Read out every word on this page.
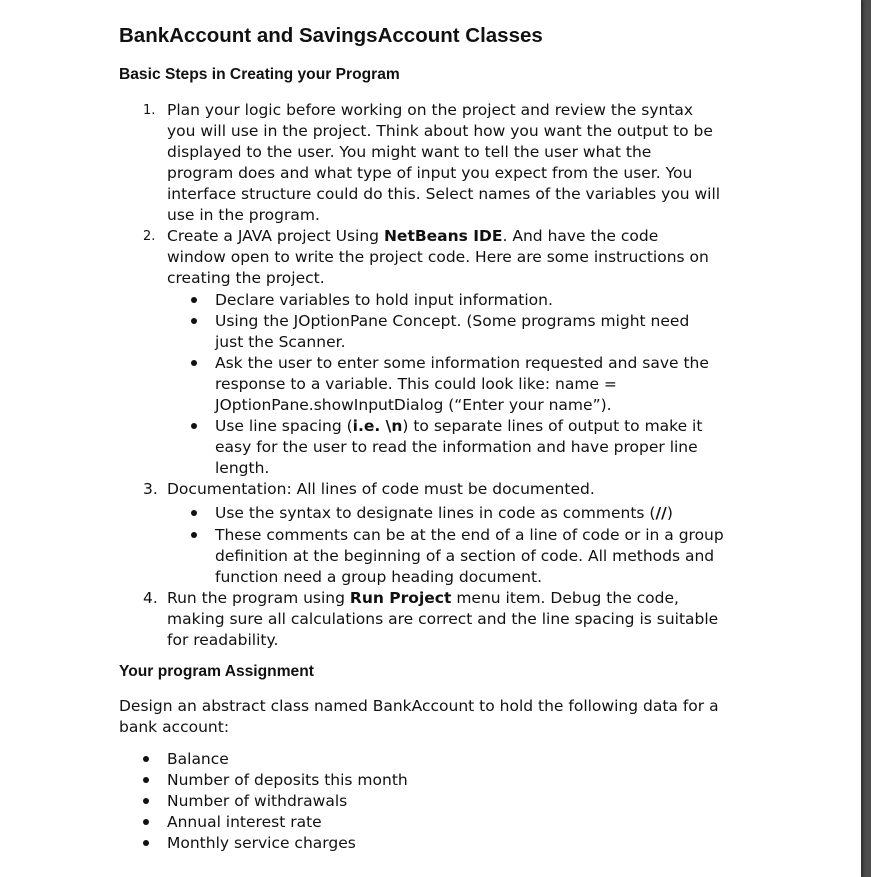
BankAccount and SavingsAccount Classes
Basic Steps in Creating your Program
1. Plan your logic before working on the project and review the syntax
you will use in the project. Think about how you want the output to be
displayed to the user. You might want to tell the user what the
program does and what type of input you expect from the user. You
interface structure could do this. Select names of the variables you will
use in the program.
2. Create a JAVA project Using NetBeans IDE. And have the code
window open to write the project code. Here are some instructions on
creating the project.
Declare variables to hold input information.
Using the JOptionPane Concept. (Some programs might need
just the Scanner.
Ask the user to enter some information requested and save the
response to a variable. This could look like: name =
JOptionPane.showInputDialog (“Enter your name”).
Use line spacing (i.e. \n) to separate lines of output to make it
easy for the user to read the information and have proper line
length.
3. Documentation: All lines of code must be documented.
Use the syntax to designate lines in code as comments (//)
These comments can be at the end of a line of code or in a group
definition at the beginning of a section of code. All methods and
function need a group heading document.
4. Run the program using Run Project menu item. Debug the code,
making sure all calculations are correct and the line spacing is suitable
for readability.
Your program Assignment
Design an abstract class named BankAccount to hold the following data for a
bank account:
Balance
Number of deposits this month
Number of withdrawals
Annual interest rate
Monthly service charges
